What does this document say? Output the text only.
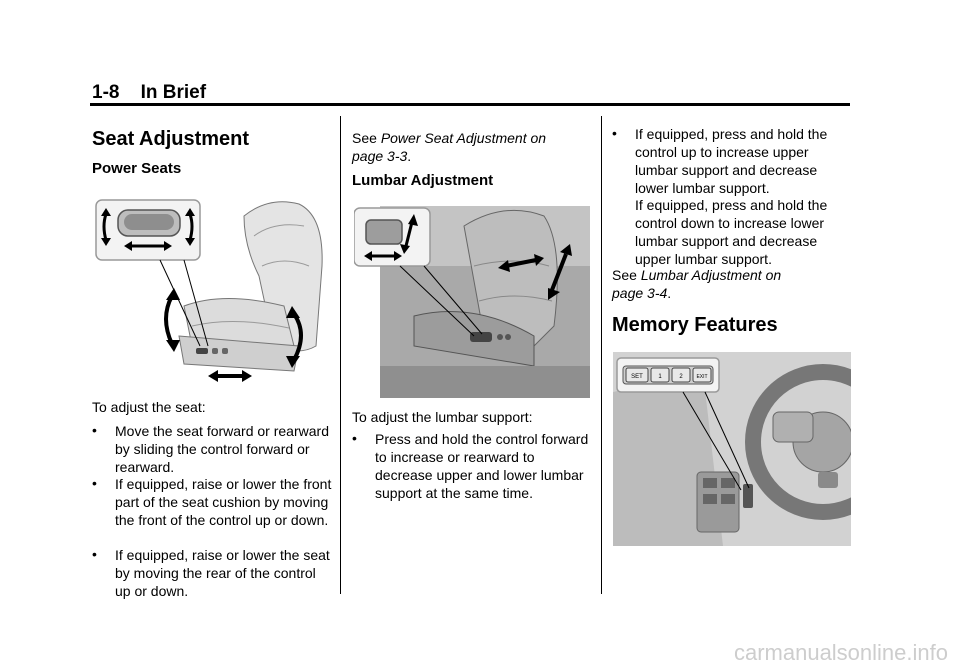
1-8 In Brief
Seat Adjustment
Power Seats
To adjust the seat:
•	Move the seat forward or rearward by sliding the control forward or rearward.
•	If equipped, raise or lower the front part of the seat cushion by moving the front of the control up or down.
•	If equipped, raise or lower the seat by moving the rear of the control up or down.
See Power Seat Adjustment on
page 3-3.
Lumbar Adjustment
To adjust the lumbar support:
•	Press and hold the control forward to increase or rearward to decrease upper and lower lumbar support at the same time.
•	If equipped, press and hold the control up to increase upper lumbar support and decrease lower lumbar support.
If equipped, press and hold the control down to increase lower lumbar support and decrease upper lumbar support.
See Lumbar Adjustment on
page 3-4.
Memory Features
SET	1	2	EXIT
carmanualsonline.info
